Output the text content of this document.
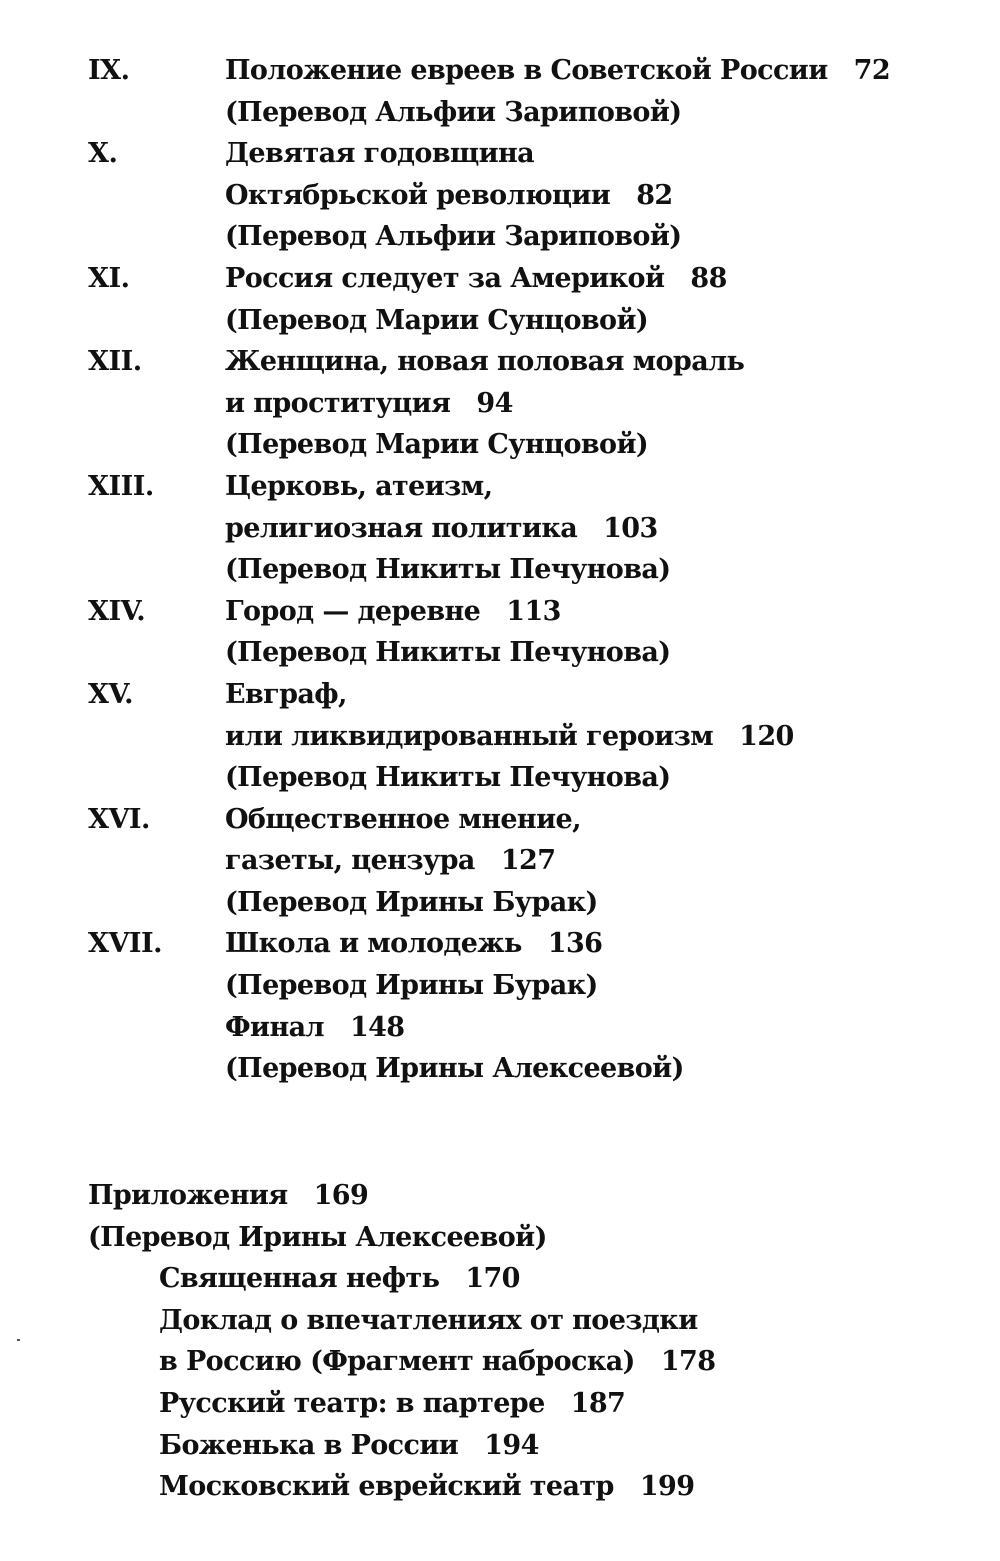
IX.	Положение евреев в Советской России 72
(Перевод Альфии Зариповой)
X.	Девятая годовщина
Октябрьской революции 82
(Перевод Альфии Зариповой)
XI.	Россия следует за Америкой 88
(Перевод Марии Сунцовой)
XII.	Женщина, новая половая мораль
и проституция 94
(Перевод Марии Сунцовой)
XIII.	Церковь, атеизм,
религиозная политика 103
(Перевод Никиты Печунова)
XIV.	Город — деревне 113
(Перевод Никиты Печунова)
XV.	Евграф,
или ликвидированный героизм 120
(Перевод Никиты Печунова)
XVI.	Общественное мнение,
газеты, цензура 127
(Перевод Ирины Бурак)
XVII. Школа и молодежь 136
(Перевод Ирины Бурак)
Финал 148
(Перевод Ирины Алексеевой)
Приложения 169
(Перевод Ирины Алексеевой)
Священная нефть 170
Доклад о впечатлениях от поездки
в Россию (Фрагмент наброска) 178
Русский театр: в партере 187
Боженька в России 194
Московский еврейский театр 199
